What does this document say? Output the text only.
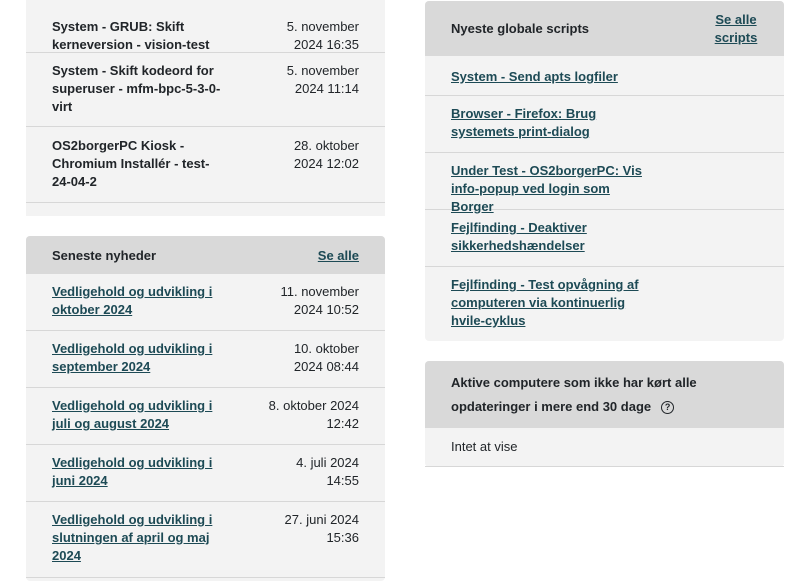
System - GRUB: Skift kerneversion - vision-test
5. november 2024 16:35
System - Skift kodeord for superuser - mfm-bpc-5-3-0-virt
5. november 2024 11:14
OS2borgerPC Kiosk - Chromium Installér - test-24-04-2
28. oktober 2024 12:02
Seneste nyheder	Se alle
Vedligehold og udvikling i oktober 2024
11. november 2024 10:52
Vedligehold og udvikling i september 2024
10. oktober 2024 08:44
Vedligehold og udvikling i juli og august 2024
8. oktober 2024 12:42
Vedligehold og udvikling i juni 2024
4. juli 2024 14:55
Vedligehold og udvikling i slutningen af april og maj 2024
27. juni 2024 15:36
Nyeste globale scripts
Se alle scripts
System - Send apts logfiler
Browser - Firefox: Brug systemets print-dialog
Under Test - OS2borgerPC: Vis info-popup ved login som Borger
Fejlfinding - Deaktiver sikkerhedshændelser
Fejlfinding - Test opvågning af computeren via kontinuerlig hvile-cyklus
Aktive computere som ikke har kørt alle opdateringer i mere end 30 dage ?
Intet at vise
